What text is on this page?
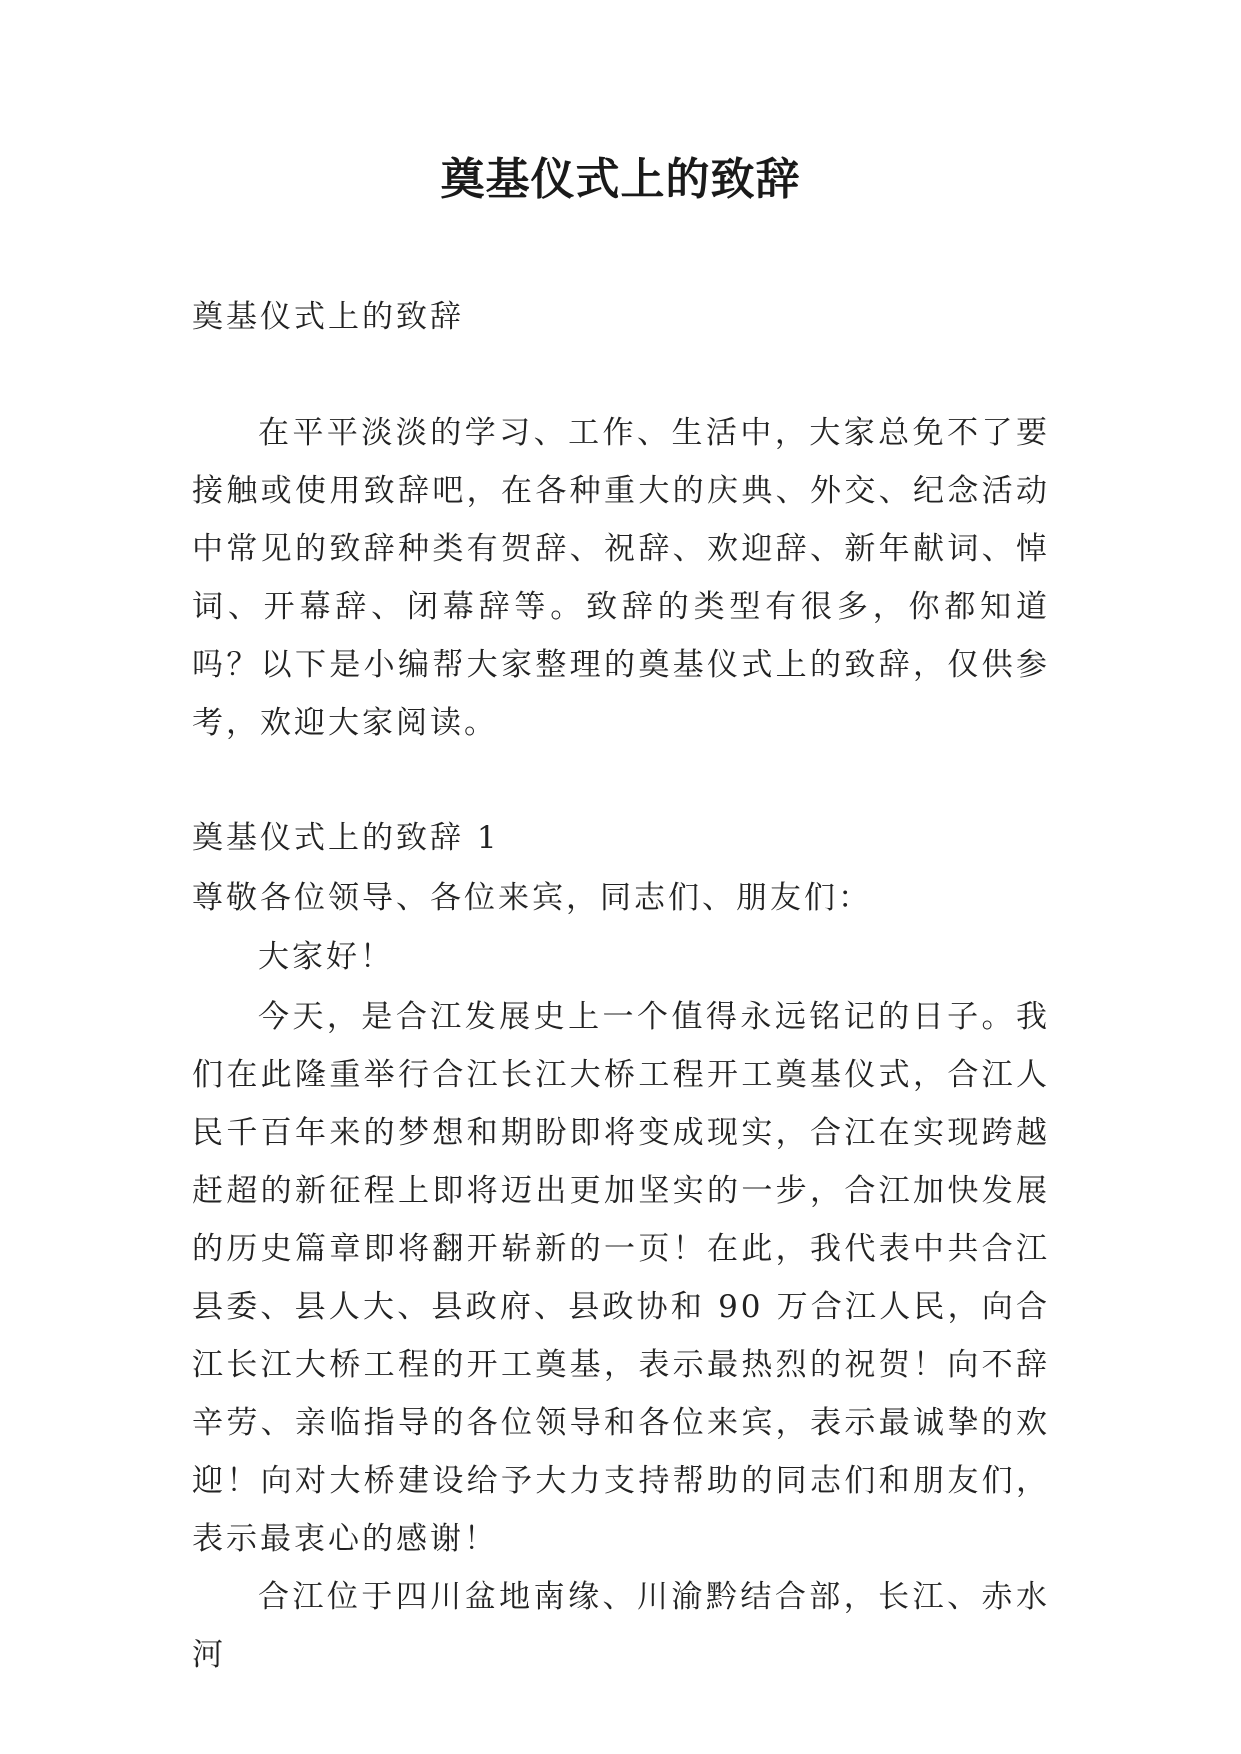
奠基仪式上的致辞
奠基仪式上的致辞
在平平淡淡的学习、工作、生活中，大家总免不了要接触或使用致辞吧，在各种重大的庆典、外交、纪念活动中常见的致辞种类有贺辞、祝辞、欢迎辞、新年献词、悼词、开幕辞、闭幕辞等。致辞的类型有很多，你都知道吗？以下是小编帮大家整理的奠基仪式上的致辞，仅供参考，欢迎大家阅读。
奠基仪式上的致辞 1
尊敬各位领导、各位来宾，同志们、朋友们：
大家好！

今天，是合江发展史上一个值得永远铭记的日子。我们在此隆重举行合江长江大桥工程开工奠基仪式，合江人民千百年来的梦想和期盼即将变成现实，合江在实现跨越赶超的新征程上即将迈出更加坚实的一步，合江加快发展的历史篇章即将翻开崭新的一页！在此，我代表中共合江县委、县人大、县政府、县政协和 90 万合江人民，向合江长江大桥工程的开工奠基，表示最热烈的祝贺！向不辞辛劳、亲临指导的各位领导和各位来宾，表示最诚挚的欢迎！向对大桥建设给予大力支持帮助的同志们和朋友们，表示最衷心的感谢！

合江位于四川盆地南缘、川渝黔结合部，长江、赤水河
